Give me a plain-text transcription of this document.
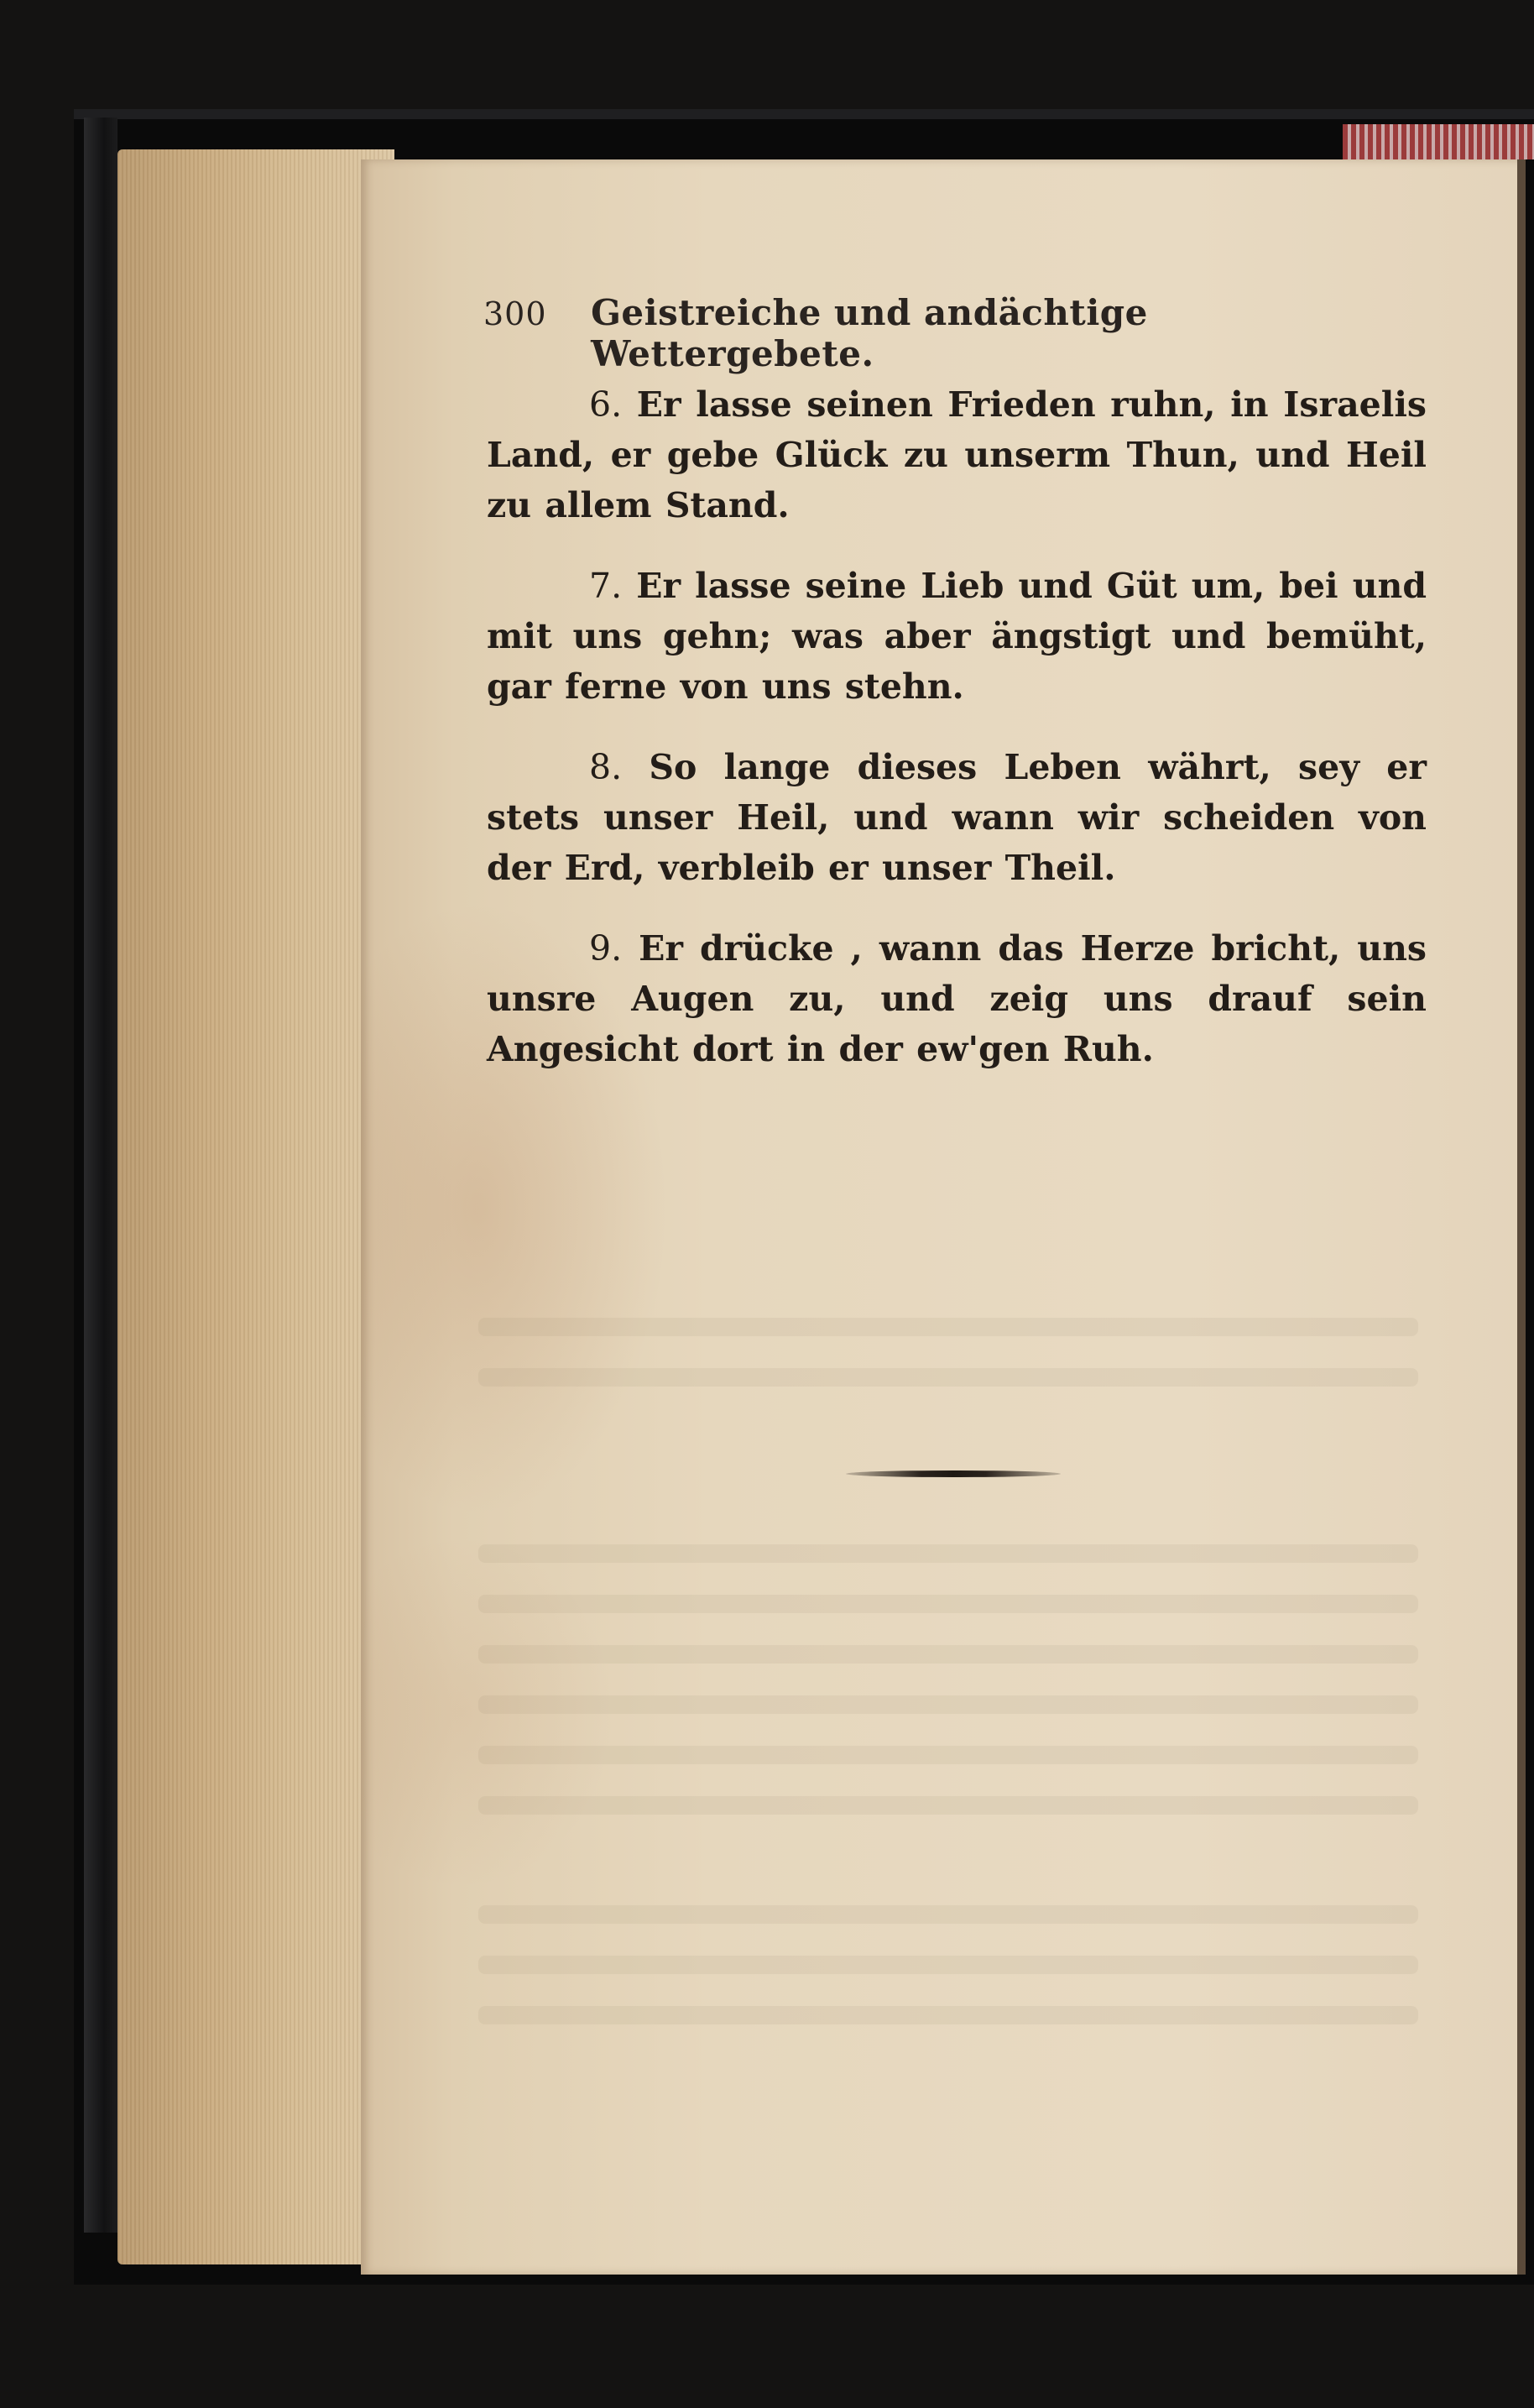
300 Geistreiche und andächtige Wettergebete.

6. Er lasse seinen Frieden ruhn, in Israelis Land, er gebe Glück zu unserm Thun, und Heil zu allem Stand.

7. Er lasse seine Lieb und Güt um, bei und mit uns gehn; was aber ängstigt und bemüht, gar ferne von uns stehn.

8. So lange dieses Leben währt, sey er stets unser Heil, und wann wir scheiden von der Erd, verbleib er unser Theil.

9. Er drücke , wann das Herze bricht, uns unsre Augen zu, und zeig uns drauf sein Angesicht dort in der ew'gen Ruh.
